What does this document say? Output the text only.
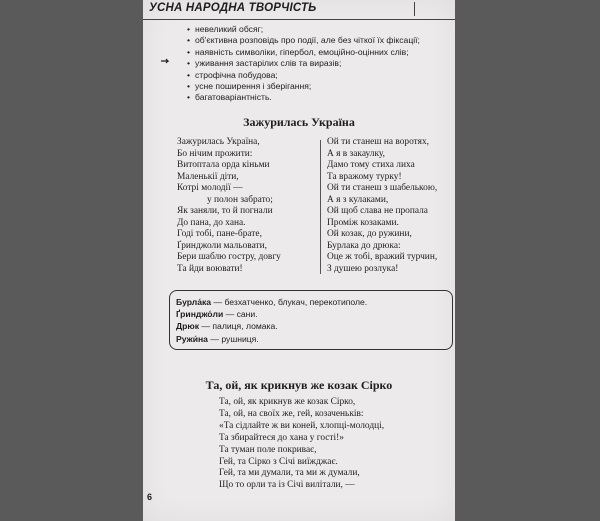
УСНА НАРОДНА ТВОРЧІСТЬ
• невеликий обсяг;
• об'єктивна розповідь про події, але без чіткої їх фіксації;
• наявність символіки, гіпербол, емоційно-оцінних слів;
• уживання застарілих слів та виразів;
• строфічна побудова;
• усне поширення і зберігання;
• багатоваріантність.
Зажурилась Україна
Зажурилась Україна,
Бо нічим прожити:
Витоптала орда кіньми
Маленькії діти,
Котрі молодії —
у полон забрато;
Як заняли, то й погнали
До пана, до хана.
Годі тобі, пане-брате,
Ґринджоли мальовати,
Бери шаблю гостру, довгу
Та йди воювати!
Ой ти станеш на воротях,
А я в закаулку,
Дамо тому стиха лиха
Та вражому турку!
Ой ти станеш з шабелькою,
А я з кулаками,
Ой щоб слава не пропала
Проміж козаками.
Ой козак, до ружини,
Бурлака до дрюка:
Оце ж тобі, вражий турчин,
З душею розлука!
Бурла́ка — безхатченко, блукач, перекотиполе.
Ґринджо́ли — сани.
Дрюк — палиця, ломака.
Ружи́на — рушниця.
Та, ой, як крикнув же козак Сірко
Та, ой, як крикнув же козак Сірко,
Та, ой, на своїх же, гей, козаченьків:
«Та сідлайте ж ви коней, хлопці-молодці,
Та збирайтеся до хана у гості!»
Та туман поле покриває,
Гей, та Сірко з Січі виїжджає.
Гей, та ми думали, та ми ж думали,
Що то орли та із Січі вилітали, —
6
